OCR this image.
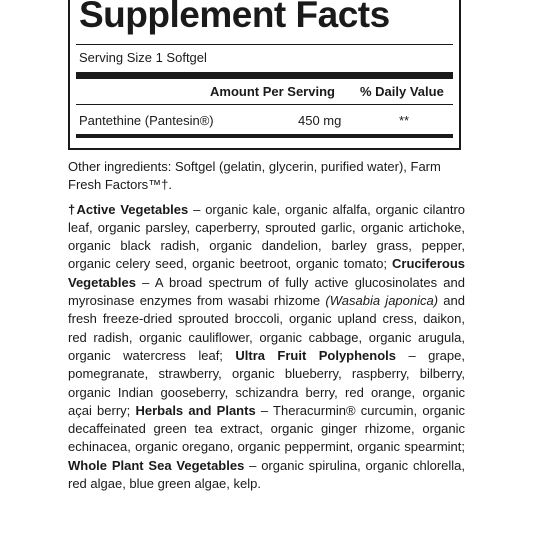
Supplement Facts
Serving Size 1 Softgel
Amount Per Serving % Daily Value
Pantethine (Pantesin®)	450 mg	**

Other ingredients: Softgel (gelatin, glycerin, purified water), Farm Fresh Factors™†.

†Active Vegetables – organic kale, organic alfalfa, organic cilantro leaf, organic parsley, caperberry, sprouted garlic, organic artichoke, organic black radish, organic dandelion, barley grass, pepper, organic celery seed, organic beetroot, organic tomato; Cruciferous Vegetables – A broad spectrum of fully active glucosinolates and myrosinase enzymes from wasabi rhizome (Wasabia japonica) and fresh freeze-dried sprouted broccoli, organic upland cress, daikon, red radish, organic cauliflower, organic cabbage, organic arugula, organic watercress leaf; Ultra Fruit Polyphenols – grape, pomegranate, strawberry, organic blueberry, raspberry, bilberry, organic Indian gooseberry, schizandra berry, red orange, organic açai berry; Herbals and Plants – Theracurmin® curcumin, organic decaffeinated green tea extract, organic ginger rhizome, organic echinacea, organic oregano, organic peppermint, organic spearmint; Whole Plant Sea Vegetables – organic spirulina, organic chlorella, red algae, blue green algae, kelp.
